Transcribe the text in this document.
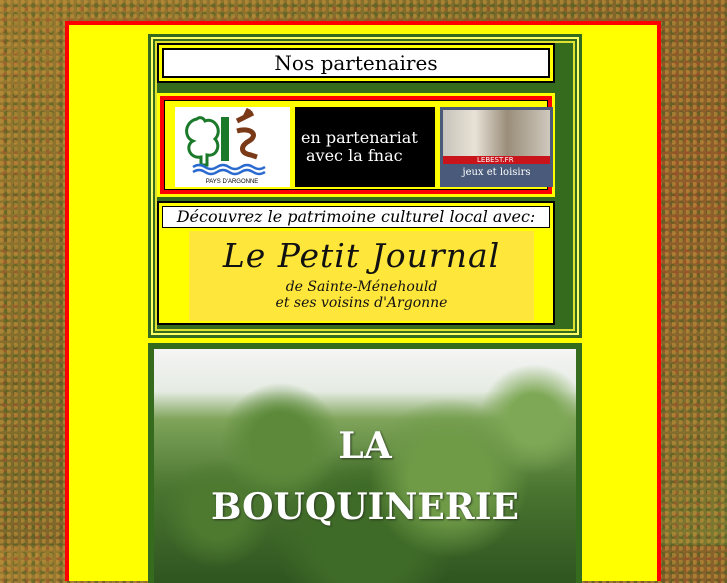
Nos partenaires
PAYS D'ARGONNE
en partenariat
avec la fnac	LEBEST.FR
jeux et loisirs
Découvrez le patrimoine culturel local avec:
Le Petit Journal
de Sainte-Ménehould
et ses voisins d'Argonne
LA
BOUQUINERIE
